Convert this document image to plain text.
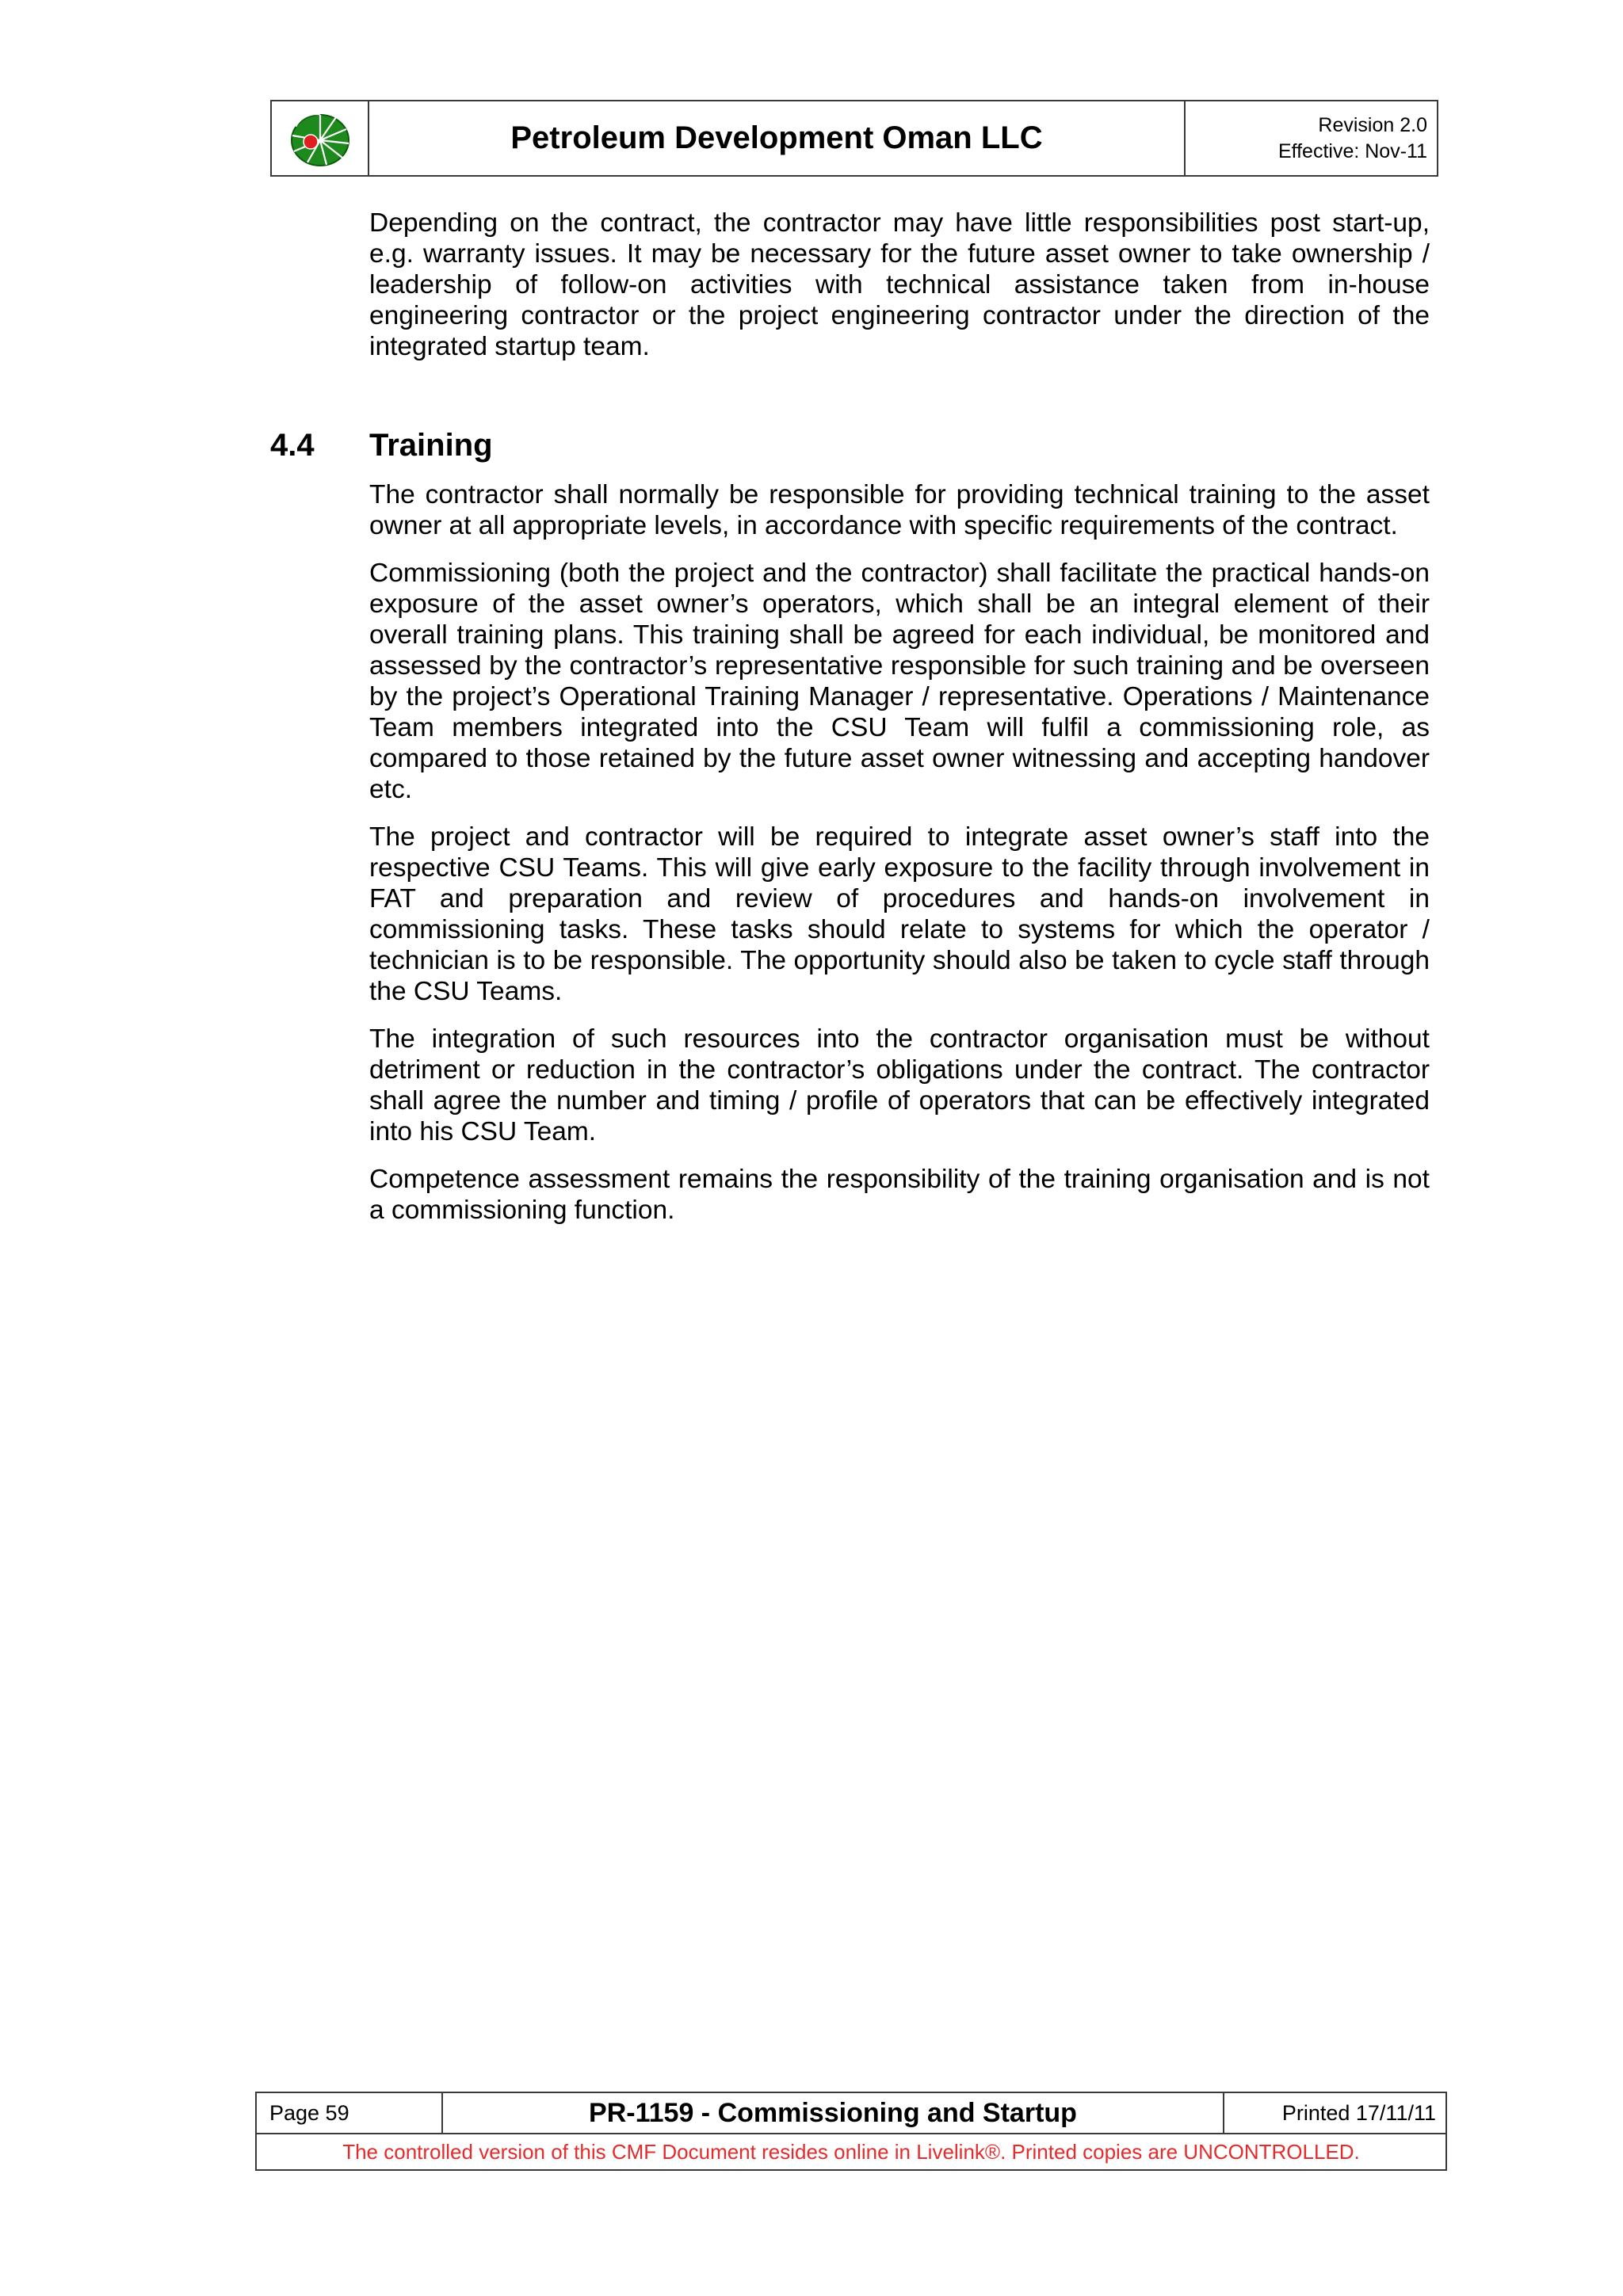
	Petroleum Development Oman LLC	Revision 2.0
Effective: Nov-11

Depending on the contract, the contractor may have little responsibilities post start-up, e.g. warranty issues. It may be necessary for the future asset owner to take ownership / leadership of follow-on activities with technical assistance taken from in-house engineering contractor or the project engineering contractor under the direction of the integrated startup team.

4.4 Training

The contractor shall normally be responsible for providing technical training to the asset owner at all appropriate levels, in accordance with specific requirements of the contract.

Commissioning (both the project and the contractor) shall facilitate the practical hands-on exposure of the asset owner’s operators, which shall be an integral element of their overall training plans. This training shall be agreed for each individual, be monitored and assessed by the contractor’s representative responsible for such training and be overseen by the project’s Operational Training Manager / representative. Operations / Maintenance Team members integrated into the CSU Team will fulfil a commissioning role, as compared to those retained by the future asset owner witnessing and accepting handover etc.

The project and contractor will be required to integrate asset owner’s staff into the respective CSU Teams. This will give early exposure to the facility through involvement in FAT and preparation and review of procedures and hands-on involvement in commissioning tasks. These tasks should relate to systems for which the operator / technician is to be responsible. The opportunity should also be taken to cycle staff through the CSU Teams.

The integration of such resources into the contractor organisation must be without detriment or reduction in the contractor’s obligations under the contract. The contractor shall agree the number and timing / profile of operators that can be effectively integrated into his CSU Team.

Competence assessment remains the responsibility of the training organisation and is not a commissioning function.

Page 59	PR-1159 - Commissioning and Startup	Printed 17/11/11
The controlled version of this CMF Document resides online in Livelink®. Printed copies are UNCONTROLLED.
